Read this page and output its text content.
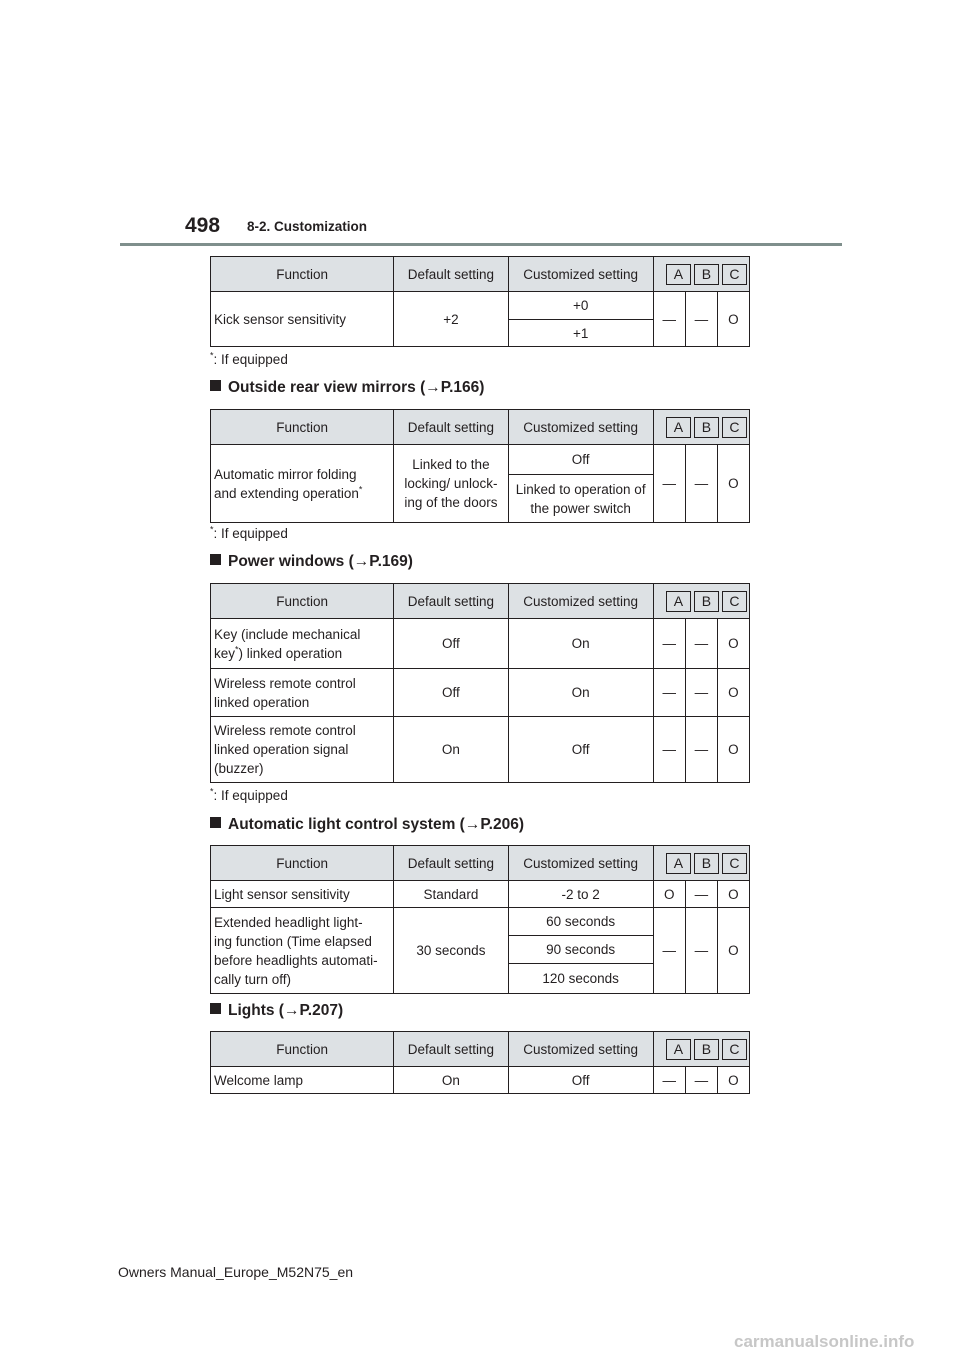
498 8-2. Customization
Function	Default setting	Customized setting	A B C		

Kick sensor sensitivity	+2	+0	—	—	O
		+1			
*: If equipped
Outside rear view mirrors (→P.166)
Function	Default setting	Customized setting	A B C		

Automatic mirror folding
and extending operation*	Linked to the
locking/ unlock-
ing of the doors	Off	—	—	O
		Linked to operation of
the power switch			
*: If equipped
Power windows (→P.169)
Function	Default setting	Customized setting	A B C		

Key (include mechanical
key*) linked operation	Off	On	—	—	O
Wireless remote control
linked operation	Off	On	—	—	O
Wireless remote control
linked operation signal
(buzzer)	On	Off	—	—	O
*: If equipped
Automatic light control system (→P.206)
Function	Default setting	Customized setting	A B C		

Light sensor sensitivity	Standard	-2 to 2	O	—	O
Extended headlight light-
ing function (Time elapsed
before headlights automati-
cally turn off)	30 seconds	60 seconds	—	—	O
		90 seconds			
		120 seconds			
Lights (→P.207)
Function	Default setting	Customized setting	A B C		

Welcome lamp	On	Off	—	—	O
Owners Manual_Europe_M52N75_en
carmanualsonline.info
